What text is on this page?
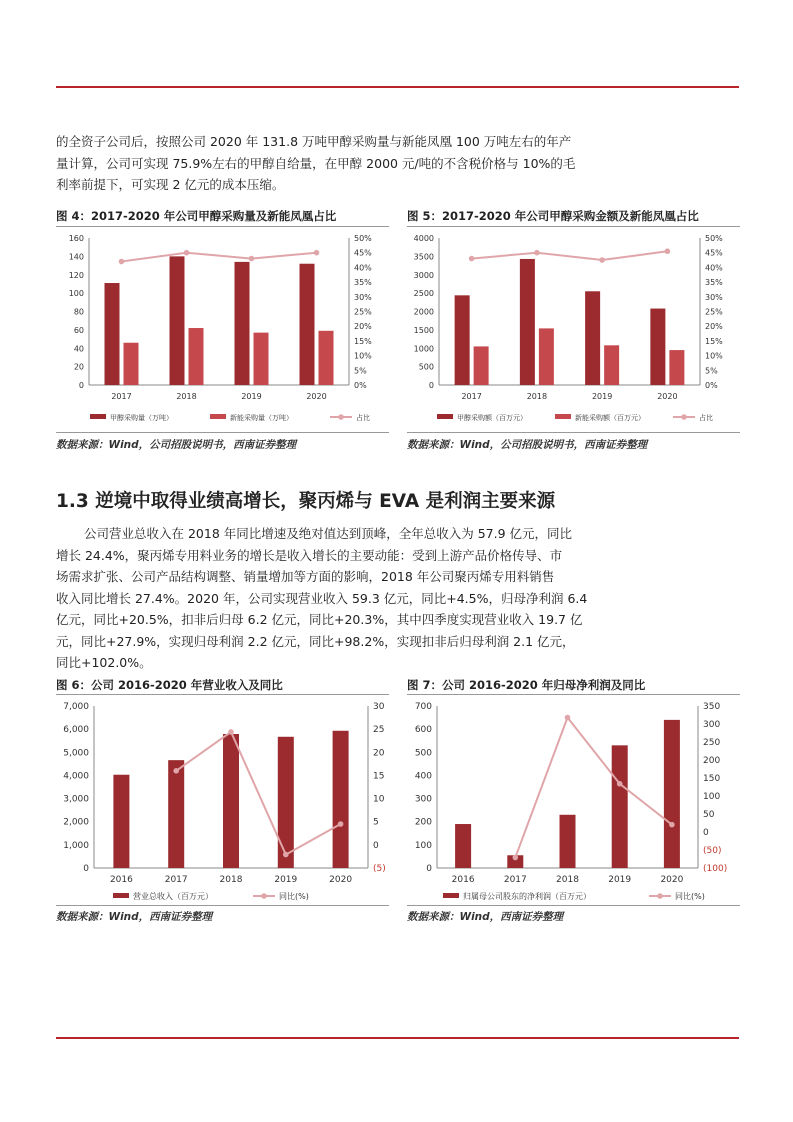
的全资子公司后，按照公司 2020 年 131.8 万吨甲醇采购量与新能凤凰 100 万吨左右的年产
量计算，公司可实现 75.9%左右的甲醇自给量，在甲醇 2000 元/吨的不含税价格与 10%的毛
利率前提下，可实现 2 亿元的成本压缩。
图 4：2017-2020 年公司甲醇采购量及新能凤凰占比	图 5：2017-2020 年公司甲醇采购金额及新能凤凰占比
0
20
40
60
80
100
120
140
160
0%
5%
10%
15%
20%
25%
30%
35%
40%
45%
50%
2017	2018	2019	2020
甲醇采购量（万吨）	新能采购量（万吨）	占比
0
500
1000
1500
2000
2500
3000
3500
4000
0%
5%
10%
15%
20%
25%
30%
35%
40%
45%
50%
2017	2018	2019	2020
甲醇采购额（百万元）	新能采购额（百万元）	占比
数据来源：Wind，公司招股说明书，西南证券整理	数据来源：Wind，公司招股说明书，西南证券整理
1.3 逆境中取得业绩高增长，聚丙烯与 EVA 是利润主要来源
公司营业总收入在 2018 年同比增速及绝对值达到顶峰，全年总收入为 57.9 亿元，同比
增长 24.4%，聚丙烯专用料业务的增长是收入增长的主要动能：受到上游产品价格传导、市
场需求扩张、公司产品结构调整、销量增加等方面的影响，2018 年公司聚丙烯专用料销售
收入同比增长 27.4%。2020 年，公司实现营业收入 59.3 亿元，同比+4.5%，归母净利润 6.4
亿元，同比+20.5%，扣非后归母 6.2 亿元，同比+20.3%，其中四季度实现营业收入 19.7 亿
元，同比+27.9%，实现归母利润 2.2 亿元，同比+98.2%，实现扣非后归母利润 2.1 亿元，
同比+102.0%。
图 6：公司 2016-2020 年营业收入及同比	图 7：公司 2016-2020 年归母净利润及同比
0
1,000
2,000
3,000
4,000
5,000
6,000
7,000
(5)
0
5
10
15
20
25
30
2016	2017	2018	2019	2020
营业总收入（百万元）	同比(%)
0
100
200
300
400
500
600
700
(100)
(50)
0
50
100
150
200
250
300
350
2016	2017	2018	2019	2020
归属母公司股东的净利润（百万元）	同比(%)
数据来源：Wind，西南证券整理	数据来源：Wind，西南证券整理
